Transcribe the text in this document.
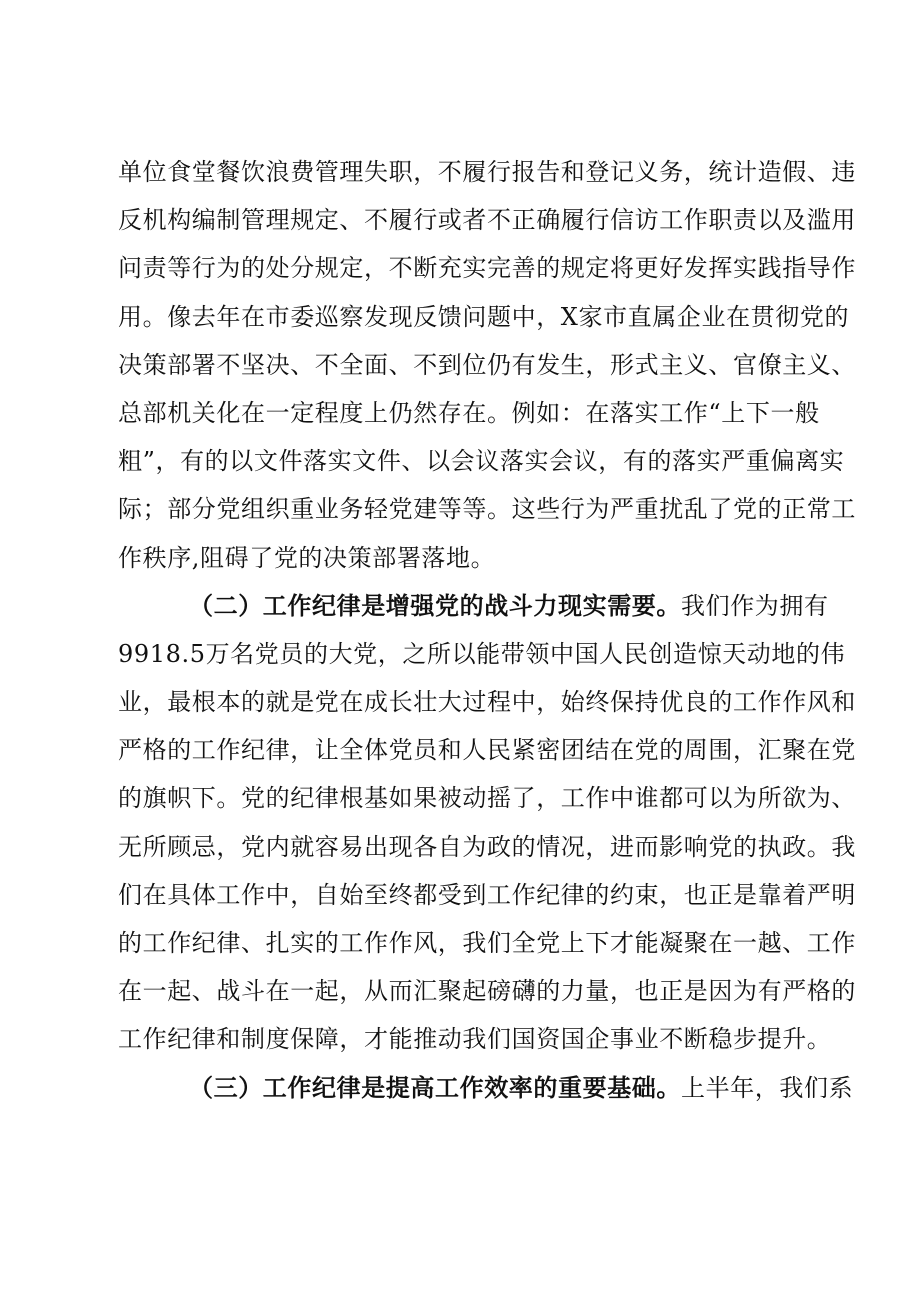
单位食堂餐饮浪费管理失职，不履行报告和登记义务，统计造假、违
反机构编制管理规定、不履行或者不正确履行信访工作职责以及滥用
问责等行为的处分规定，不断充实完善的规定将更好发挥实践指导作
用。像去年在市委巡察发现反馈问题中，X家市直属企业在贯彻党的
决策部署不坚决、不全面、不到位仍有发生，形式主义、官僚主义、
总部机关化在一定程度上仍然存在。例如：在落实工作“上下一般
粗”，有的以文件落实文件、以会议落实会议，有的落实严重偏离实
际；部分党组织重业务轻党建等等。这些行为严重扰乱了党的正常工
作秩序,阻碍了党的决策部署落地。
（二）工作纪律是增强党的战斗力现实需要。我们作为拥有
9918.5万名党员的大党，之所以能带领中国人民创造惊天动地的伟
业，最根本的就是党在成长壮大过程中，始终保持优良的工作作风和
严格的工作纪律，让全体党员和人民紧密团结在党的周围，汇聚在党
的旗帜下。党的纪律根基如果被动摇了，工作中谁都可以为所欲为、
无所顾忌，党内就容易出现各自为政的情况，进而影响党的执政。我
们在具体工作中，自始至终都受到工作纪律的约束，也正是靠着严明
的工作纪律、扎实的工作作风，我们全党上下才能凝聚在一越、工作
在一起、战斗在一起，从而汇聚起磅礴的力量，也正是因为有严格的
工作纪律和制度保障，才能推动我们国资国企事业不断稳步提升。
（三）工作纪律是提高工作效率的重要基础。上半年，我们系
